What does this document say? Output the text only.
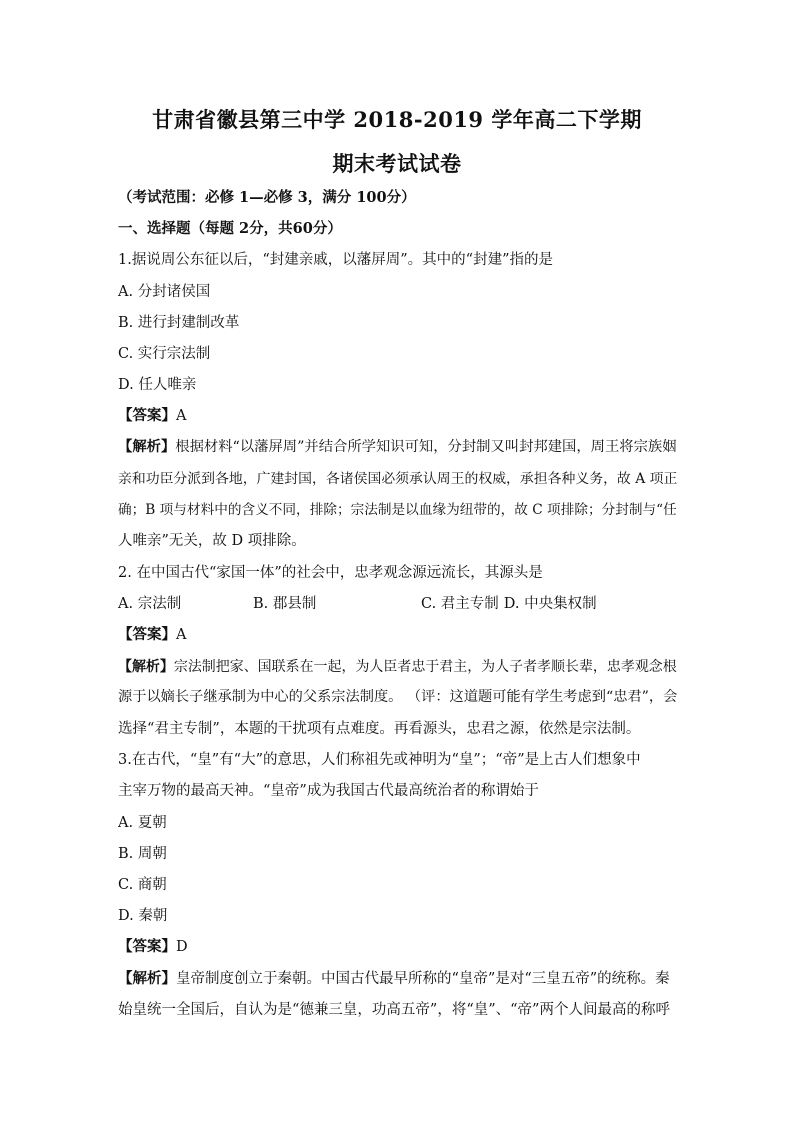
甘肃省徽县第三中学 2018-2019 学年高二下学期
期末考试试卷
（考试范围：必修 1—必修 3，满分 100分）
一、选择题（每题 2分，共60分）
1.据说周公东征以后，“封建亲戚，以藩屏周”。其中的“封建”指的是
A. 分封诸侯国
B. 进行封建制改革
C. 实行宗法制
D. 任人唯亲
【答案】A
【解析】根据材料“以藩屏周”并结合所学知识可知，分封制又叫封邦建国，周王将宗族姻
亲和功臣分派到各地，广建封国，各诸侯国必须承认周王的权威，承担各种义务，故 A 项正
确；B 项与材料中的含义不同，排除；宗法制是以血缘为纽带的，故 C 项排除；分封制与“任
人唯亲”无关，故 D 项排除。
2. 在中国古代“家国一体”的社会中，忠孝观念源远流长，其源头是
A. 宗法制	B. 郡县制	C. 君主专制 D. 中央集权制
【答案】A
【解析】宗法制把家、国联系在一起，为人臣者忠于君主，为人子者孝顺长辈，忠孝观念根
源于以嫡长子继承制为中心的父系宗法制度。 （评：这道题可能有学生考虑到“忠君”，会
选择“君主专制”，本题的干扰项有点难度。再看源头，忠君之源，依然是宗法制。
3.在古代，“皇”有“大”的意思，人们称祖先或神明为“皇”；“帝”是上古人们想象中
主宰万物的最高天神。“皇帝”成为我国古代最高统治者的称谓始于
A. 夏朝
B. 周朝
C. 商朝
D. 秦朝
【答案】D
【解析】皇帝制度创立于秦朝。中国古代最早所称的“皇帝”是对“三皇五帝”的统称。秦
始皇统一全国后，自认为是“德兼三皇，功高五帝”，将“皇”、“帝”两个人间最高的称呼
